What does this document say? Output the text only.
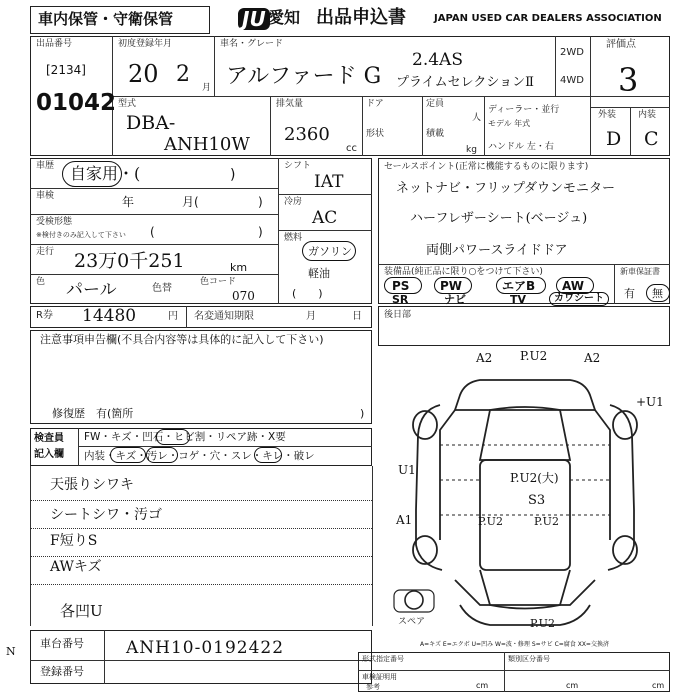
車内保管・守衛保管	JU 愛知 出品申込書	JAPAN USED CAR DEALERS ASSOCIATION
出品番号
[2134]
01042
初度登録年月
20 2
月
車名・グレード
アルファード G
2.4AS
プライムセレクションⅡ
2WD
4WD
評価点
3
外装 内装
D C
型式
DBA-
ANH10W
排気量
2360
cc
ドア
形状
定員
人
積載
kg
ディーラー・並行
モデル 年式
ハンドル 左・右
車歴 自家用・(	)
車検	年	月(	)
受検形態
※検付きのみ記入して下さい (	)
走行 23万0千251	km
色 パール	色替
色コード
070
シフト
IAT
冷房
AC
燃料
ガソリン
軽油
(　　)
セールスポイント(正常に機能するものに限ります)
ネットナビ・フリップダウンモニター
ハーフレザーシート(ベージュ)
両側パワースライドドア
装備品(純正品に限り○をつけて下さい)
PS	PW	エアB AW
SR	ナビ	TV	カワシート
新車保証書
有 無
R券 14480	円 名変通知期限	月	日 後日部
注意事項申告欄(不具合内容等は具体的に記入して下さい)
修復歴　有(箇所	)
検査員
記入欄
FW・キズ・凹石・ヒビ割・リペア跡・X要
内装・キズ・汚レ・コゲ・穴・スレ・キレ・破レ
天張りシワキ
シートシワ・汚ゴ
F短りS
AWキズ
各凹U
A2 P.U2	A2
+U1
P.U2(大)
S3
U1
A1	P.U2	P.U2
P.U2
スペア
A=キズ E=エクボ U=凹み W=波・修理 S=サビ C=腐食 XX=交換済
車台番号 ANH10-0192422
登録番号
形式指定番号	類別区分番号
車検証明用
参考	cm	cm	cm
N
